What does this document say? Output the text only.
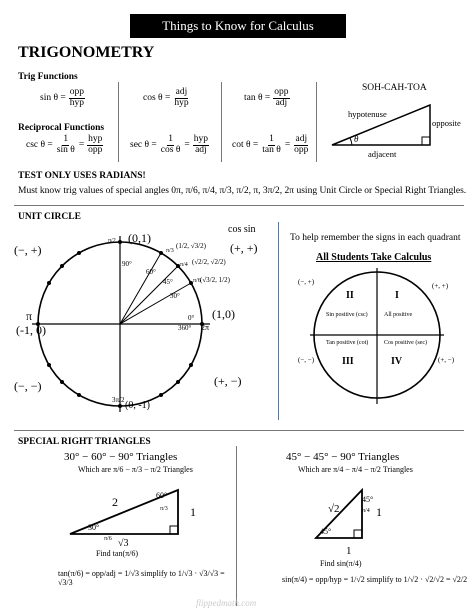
Things to Know for Calculus
TRIGONOMETRY
Trig Functions
$\sin \theta = \frac{\text{opp}}{\text{hyp}}$	$\cos \theta = \frac{\text{adj}}{\text{hyp}}$	$\tan \theta = \frac{\text{opp}}{\text{adj}}$
Reciprocal Functions
$\csc \theta = \frac{1}{\text{sin θ}} = \frac{\text{hyp}}{\text{opp}}$	$\sec \theta = \frac{1}{\text{cos θ}} = \frac{\text{hyp}}{\text{adj}}$ $\cot \theta = \frac{1}{\text{tan θ}} = \frac{\text{adj}}{\text{opp}}$
SOH-CAH-TOA
θ
hypotenuse
opposite
adjacent
TEST ONLY USES RADIANS!
Must know trig values of special angles 0π, π/6, π/4, π/3, π/2, π, 3π/2, 2π using Unit Circle or Special Right Triangles.
UNIT CIRCLE
(−, +)
(−, −)	(+, −)
cos sin
(+, +)
(0,1)
(1,0)
(-1, 0)
(0, -1)
π
2π
0°
360°
90°
60°
45°
30°
π/2
π/3
π/4
π/6
3π/2
(1/2, √3/2)
(√2/2, √2/2)
(√3/2, 1/2)
To help remember the signs in each quadrant
All Students Take Calculus
II	I
III	IV
All positive
Sin positive (csc)
Tan positive (cot)	Cos positive (sec)
(+, +)
(−, +)
(−, −)	(+, −)
SPECIAL RIGHT TRIANGLES
30° − 60° − 90° Triangles
Which are π/6 − π/3 − π/2 Triangles
2
1
√3
60°
30°
π/3
π/6
Find tan(π/6)
tan(π/6) = opp/adj = 1/√3 simplify to 1/√3 · √3/√3 = √3/3
45° − 45° − 90° Triangles
Which are π/4 − π/4 − π/2 Triangles
√2	1
45°
45°
π/4
1
Find sin(π/4)
sin(π/4) = opp/hyp = 1/√2 simplify to 1/√2 · √2/√2 = √2/2
flippedmath.com
